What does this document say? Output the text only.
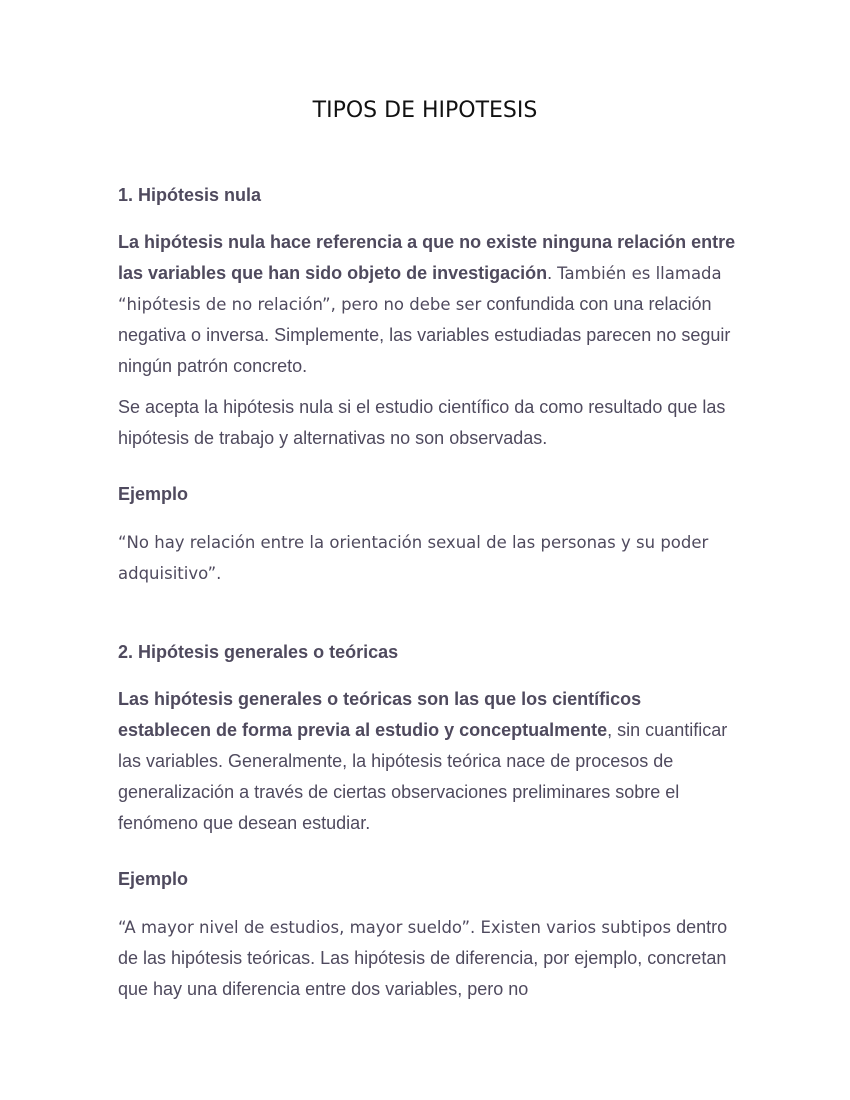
TIPOS DE HIPOTESIS
1. Hipótesis nula

La hipótesis nula hace referencia a que no existe ninguna relación entre las variables que han sido objeto de investigación. También es llamada “hipótesis de no relación”, pero no debe ser confundida con una relación negativa o inversa. Simplemente, las variables estudiadas parecen no seguir ningún patrón concreto.

Se acepta la hipótesis nula si el estudio científico da como resultado que las hipótesis de trabajo y alternativas no son observadas.

Ejemplo

“No hay relación entre la orientación sexual de las personas y su poder adquisitivo”.

2. Hipótesis generales o teóricas

Las hipótesis generales o teóricas son las que los científicos establecen de forma previa al estudio y conceptualmente, sin cuantificar las variables. Generalmente, la hipótesis teórica nace de procesos de generalización a través de ciertas observaciones preliminares sobre el fenómeno que desean estudiar.

Ejemplo

“A mayor nivel de estudios, mayor sueldo”. Existen varios subtipos dentro de las hipótesis teóricas. Las hipótesis de diferencia, por ejemplo, concretan que hay una diferencia entre dos variables, pero no
